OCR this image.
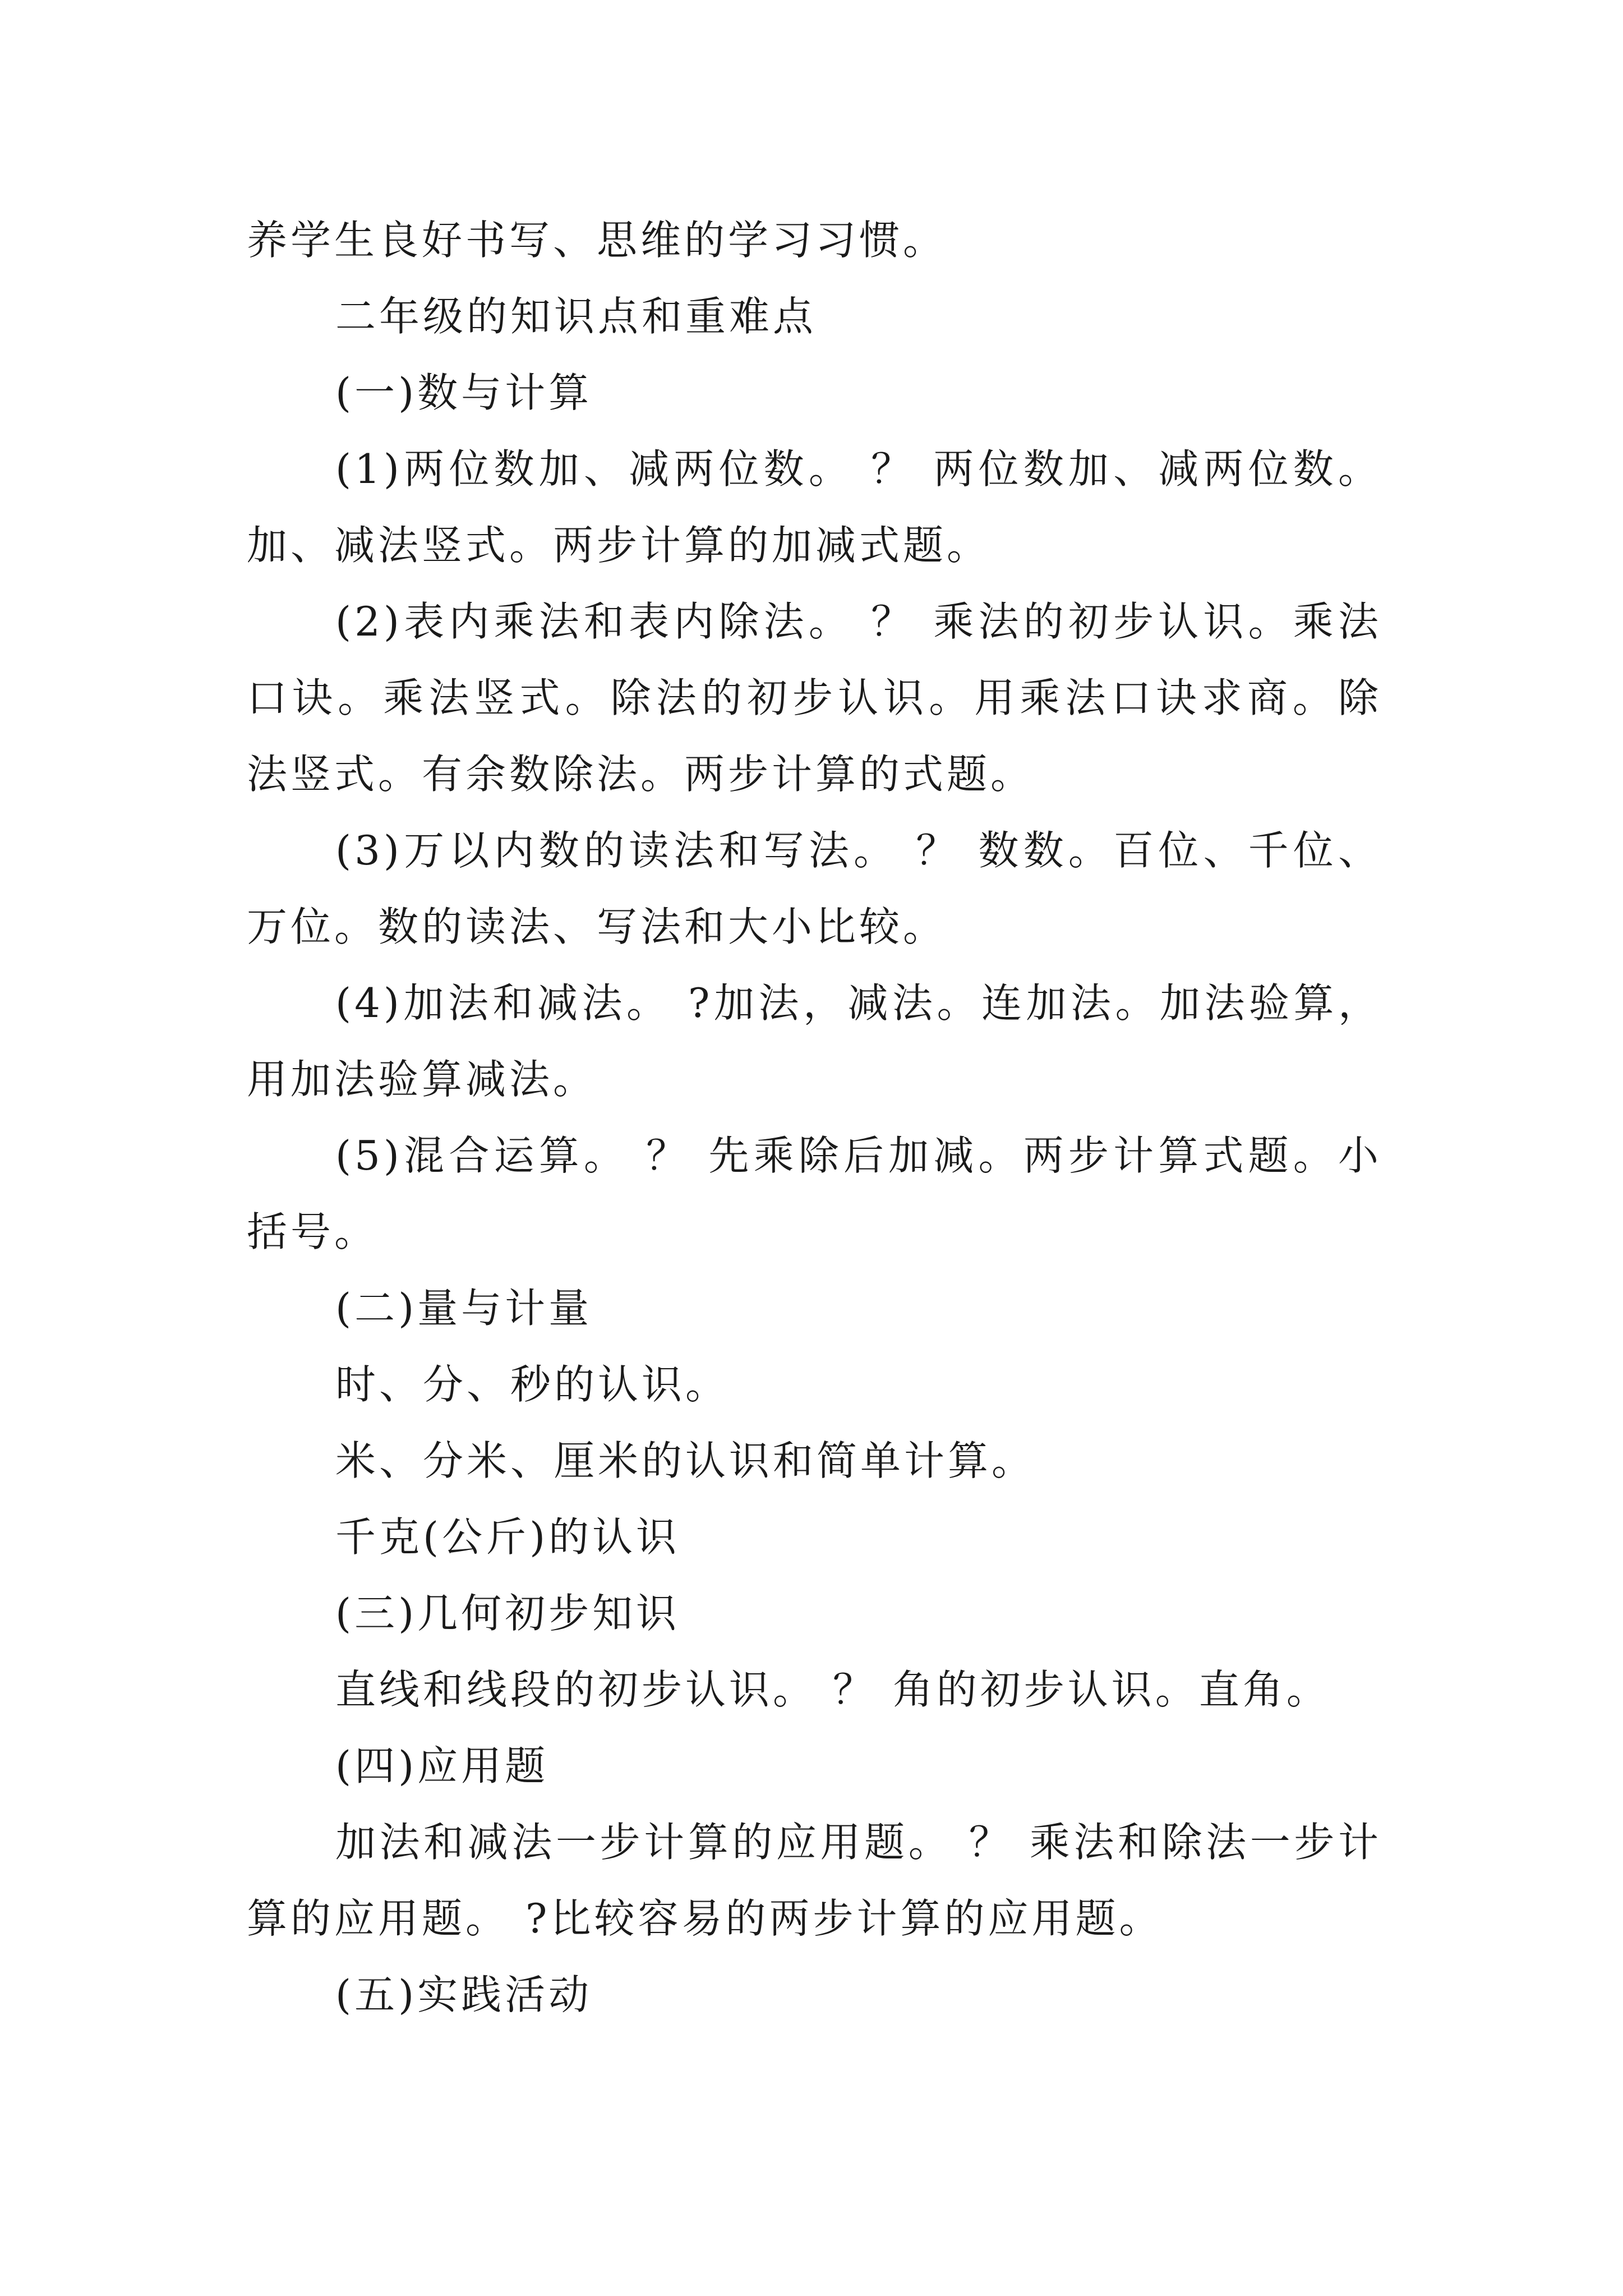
养学生良好书写、思维的学习习惯。

二年级的知识点和重难点

(一)数与计算

(1)两位数加、减两位数。 ？ 两位数加、减两位数。加、减法竖式。两步计算的加减式题。

(2)表内乘法和表内除法。 ？ 乘法的初步认识。乘法口诀。乘法竖式。除法的初步认识。用乘法口诀求商。除法竖式。有余数除法。两步计算的式题。

(3)万以内数的读法和写法。 ？ 数数。百位、千位、万位。数的读法、写法和大小比较。

(4)加法和减法。 ?加法，减法。连加法。加法验算，用加法验算减法。

(5)混合运算。 ？ 先乘除后加减。两步计算式题。小括号。

(二)量与计量

时、分、秒的认识。

米、分米、厘米的认识和简单计算。

千克(公斤)的认识

(三)几何初步知识

直线和线段的初步认识。 ？ 角的初步认识。直角。

(四)应用题

加法和减法一步计算的应用题。 ？ 乘法和除法一步计算的应用题。 ?比较容易的两步计算的应用题。

(五)实践活动
